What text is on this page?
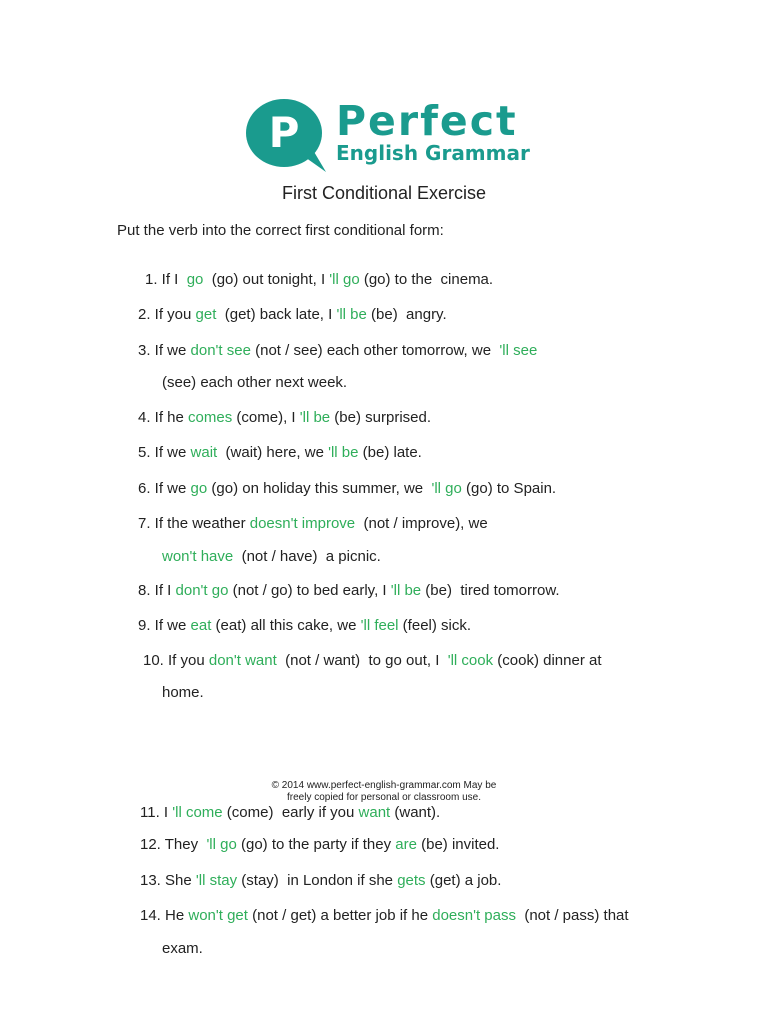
P Perfect
English Grammar
First Conditional Exercise
Put the verb into the correct first conditional form:
1. If I  go  (go) out tonight, I 'll go (go) to the  cinema.
2. If you get  (get) back late, I 'll be (be)  angry.
3. If we don't see (not / see) each other tomorrow, we  'll see
(see) each other next week.
4. If he comes (come), I 'll be (be) surprised.
5. If we wait  (wait) here, we 'll be (be) late.
6. If we go (go) on holiday this summer, we  'll go (go) to Spain.
7. If the weather doesn't improve  (not / improve), we
won't have  (not / have)  a picnic.
8. If I don't go (not / go) to bed early, I 'll be (be)  tired tomorrow.
9. If we eat (eat) all this cake, we 'll feel (feel) sick.
10. If you don't want  (not / want)  to go out, I  'll cook (cook) dinner at
home.
11. I 'll come (come)  early if you want (want).
12. They  'll go (go) to the party if they are (be) invited.
13. She 'll stay (stay)  in London if she gets (get) a job.
14. He won't get (not / get) a better job if he doesn't pass  (not / pass) that
exam.
© 2014 www.perfect-english-grammar.com May be
freely copied for personal or classroom use.
